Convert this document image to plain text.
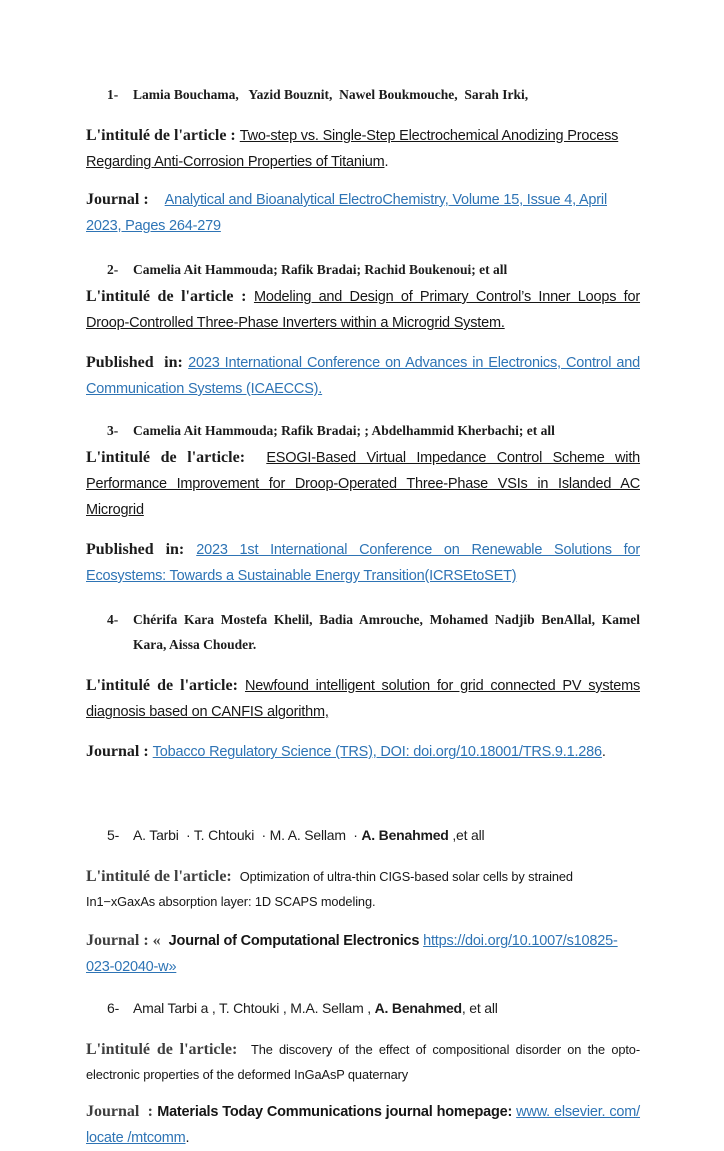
1- Lamia Bouchama,   Yazid Bouznit,  Nawel Boukmouche,  Sarah Irki,

L'intitulé de l'article : Two-step vs. Single-Step Electrochemical Anodizing Process Regarding Anti-Corrosion Properties of Titanium.

Journal : Analytical and Bioanalytical ElectroChemistry, Volume 15, Issue 4, April 2023, Pages 264-279

2- Camelia Ait Hammouda; Rafik Bradai; Rachid Boukenoui; et all

L'intitulé de l'article : Modeling and Design of Primary Control’s Inner Loops for Droop-Controlled Three-Phase Inverters within a Microgrid System.

Published  in: 2023 International Conference on Advances in Electronics, Control and Communication Systems (ICAECCS).

3- Camelia Ait Hammouda; Rafik Bradai; ; Abdelhammid Kherbachi; et all

L'intitulé de l'article:  ESOGI-Based Virtual Impedance Control Scheme with Performance Improvement for Droop-Operated Three-Phase VSIs in Islanded AC Microgrid

Published in: 2023 1st International Conference on Renewable Solutions for Ecosystems: Towards a Sustainable Energy Transition(ICRSEtoSET)

4- Chérifa Kara Mostefa Khelil, Badia Amrouche, Mohamed Nadjib BenAllal, Kamel Kara, Aissa Chouder.

L'intitulé de l'article: Newfound intelligent solution for grid connected PV systems diagnosis based on CANFIS algorithm,

Journal : Tobacco Regulatory Science (TRS), DOI: doi.org/10.18001/TRS.9.1.286.

5- A. Tarbi  · T. Chtouki  · M. A. Sellam  · A. Benahmed ,et all

L'intitulé de l'article:  Optimization of ultra-thin CIGS-based solar cells by strained In1−xGaxAs absorption layer: 1D SCAPS modeling.

Journal : «  Journal of Computational Electronics https://doi.org/10.1007/s10825-023-02040-w»

6- Amal Tarbi a , T. Chtouki , M.A. Sellam , A. Benahmed, et all

L'intitulé de l'article:  The discovery of the effect of compositional disorder on the opto-electronic properties of the deformed InGaAsP quaternary

Journal  : Materials Today Communications journal homepage: www. elsevier. com/ locate /mtcomm.
